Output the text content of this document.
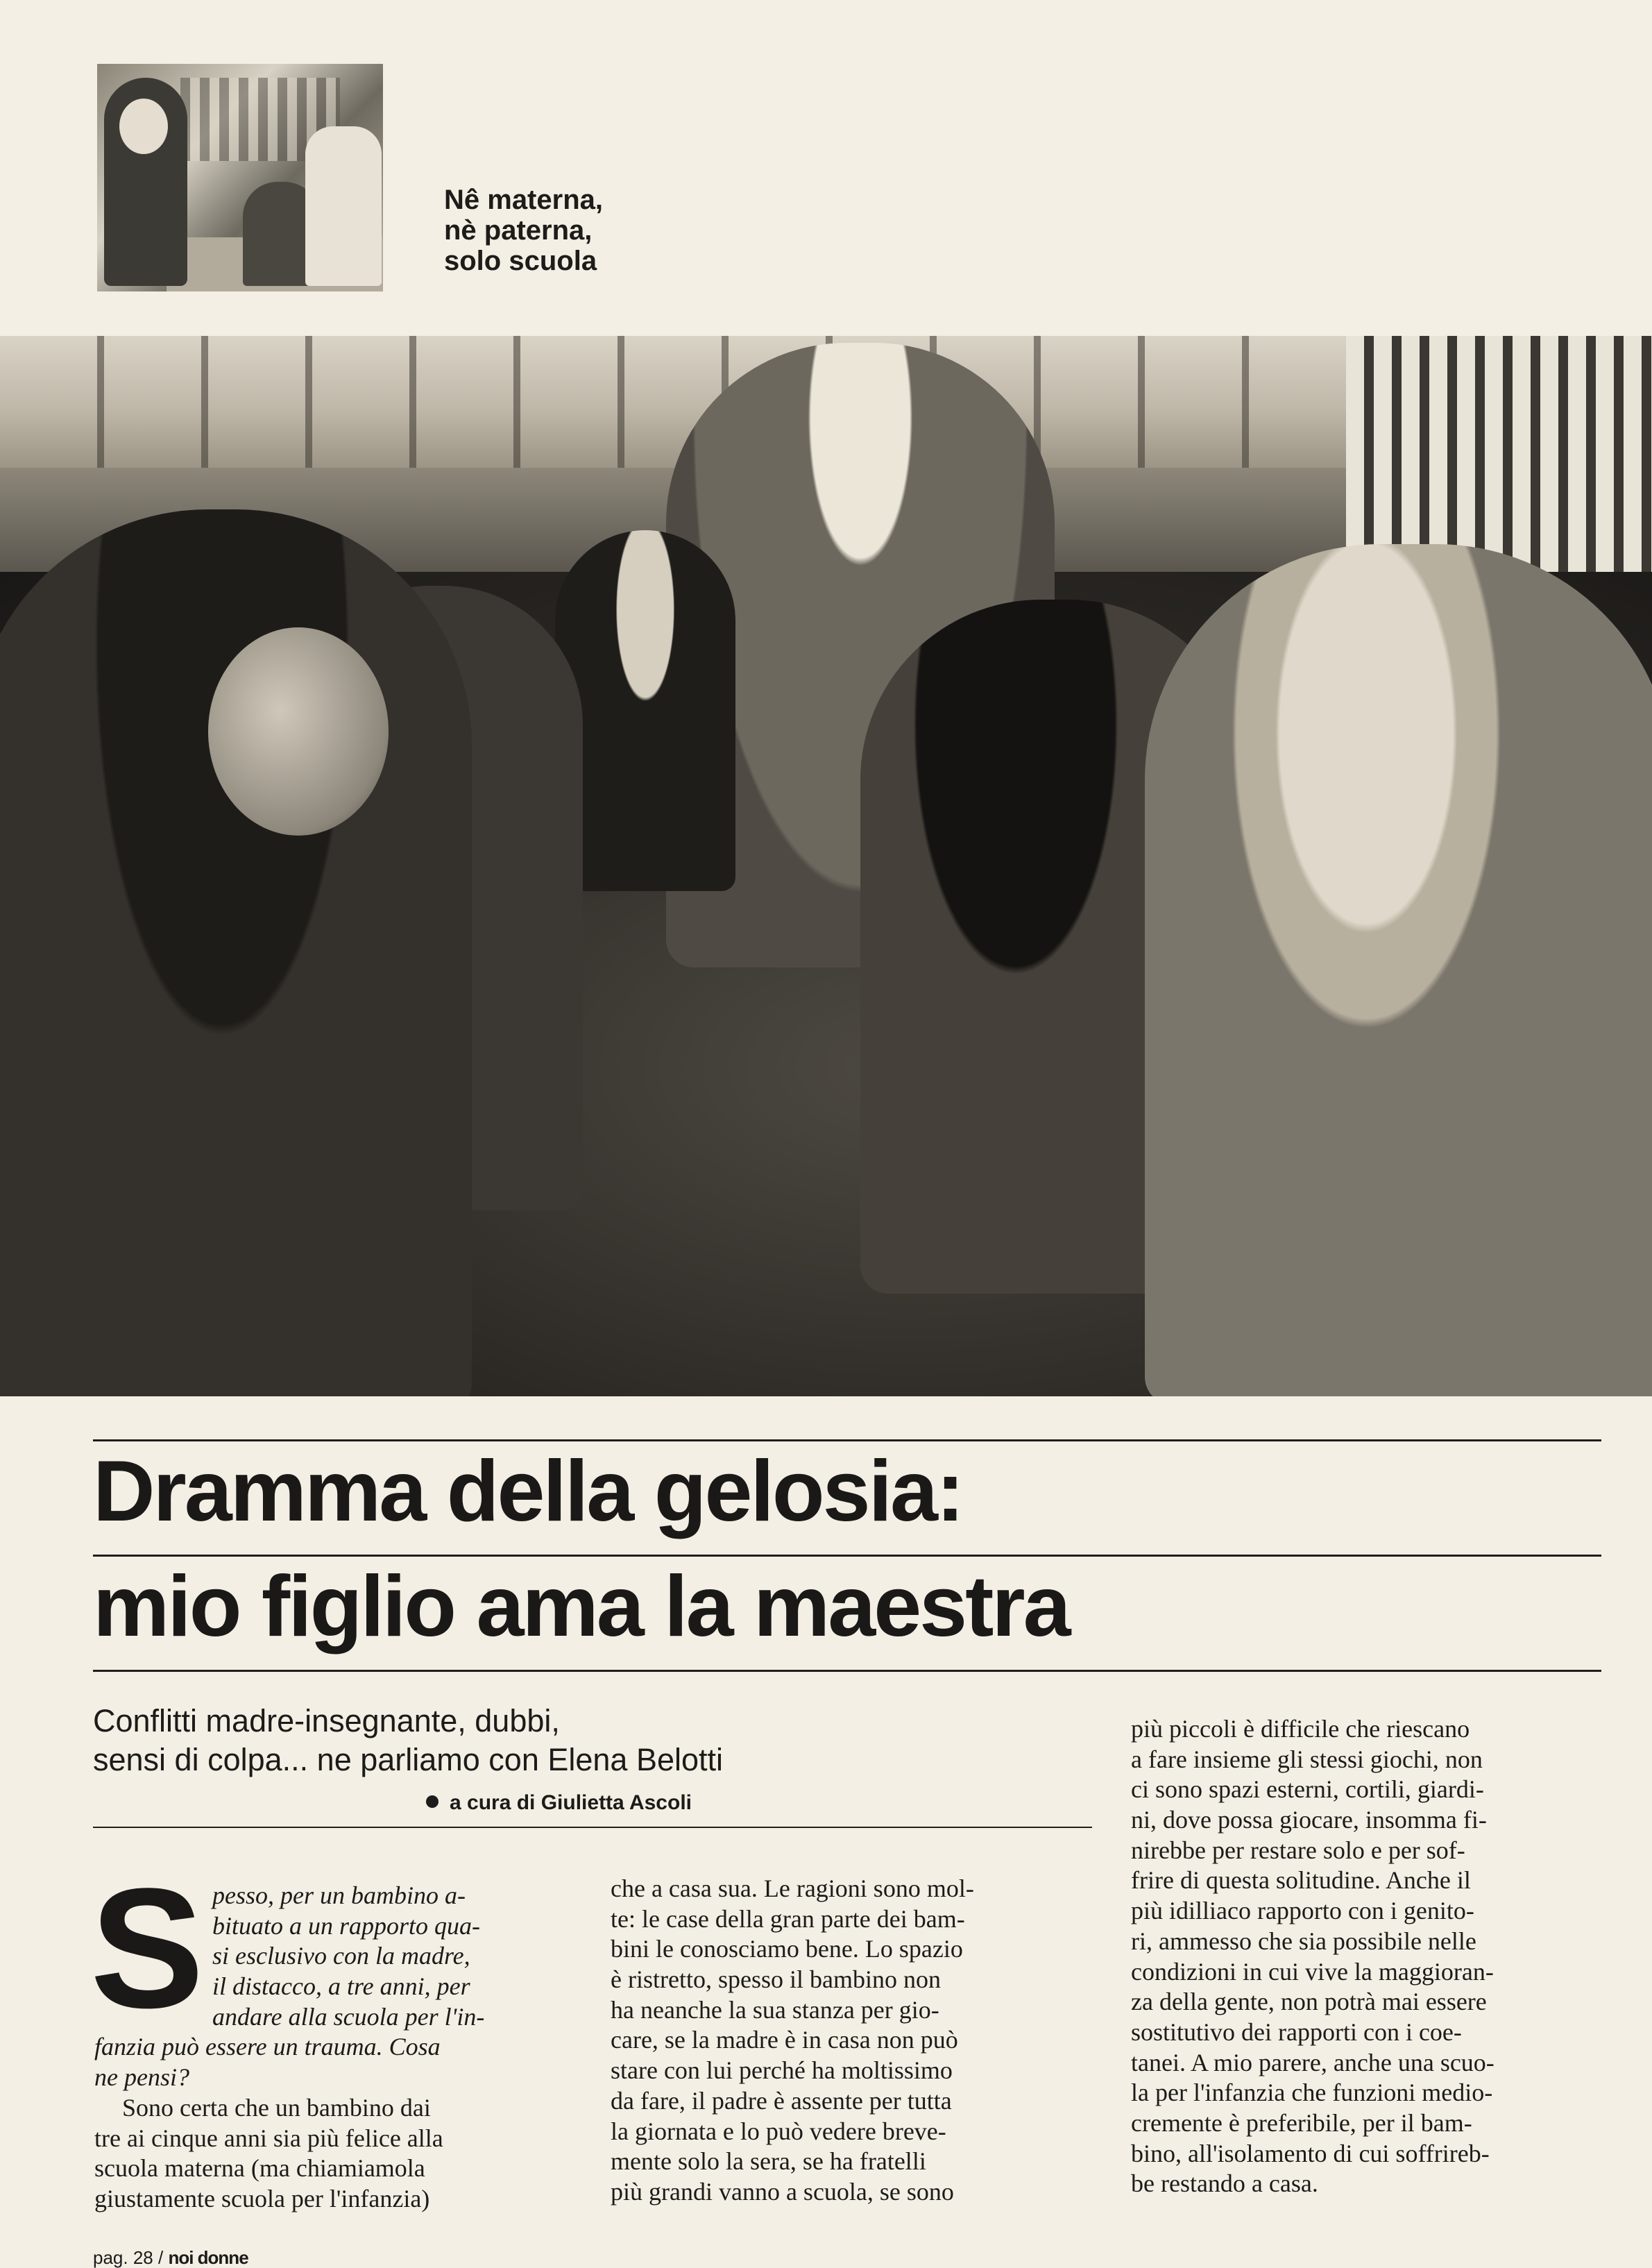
Nê materna,
nè paterna,
solo scuola
Dramma della gelosia:
mio figlio ama la maestra
Conflitti madre-insegnante, dubbi,
sensi di colpa... ne parliamo con Elena Belotti
a cura di Giulietta Ascoli
S pesso, per un bambino a-
bituato a un rapporto qua-
si esclusivo con la madre,
il distacco, a tre anni, per
andare alla scuola per l'in-
fanzia può essere un trauma. Cosa
ne pensi?
Sono certa che un bambino dai
tre ai cinque anni sia più felice alla
scuola materna (ma chiamiamola
giustamente scuola per l'infanzia)
che a casa sua. Le ragioni sono mol-
te: le case della gran parte dei bam-
bini le conosciamo bene. Lo spazio
è ristretto, spesso il bambino non
ha neanche la sua stanza per gio-
care, se la madre è in casa non può
stare con lui perché ha moltissimo
da fare, il padre è assente per tutta
la giornata e lo può vedere breve-
mente solo la sera, se ha fratelli
più grandi vanno a scuola, se sono
più piccoli è difficile che riescano
a fare insieme gli stessi giochi, non
ci sono spazi esterni, cortili, giardi-
ni, dove possa giocare, insomma fi-
nirebbe per restare solo e per sof-
frire di questa solitudine. Anche il
più idilliaco rapporto con i genito-
ri, ammesso che sia possibile nelle
condizioni in cui vive la maggioran-
za della gente, non potrà mai essere
sostitutivo dei rapporti con i coe-
tanei. A mio parere, anche una scuo-
la per l'infanzia che funzioni medio-
cremente è preferibile, per il bam-
bino, all'isolamento di cui soffrireb-
be restando a casa.
pag. 28 / noi donne
